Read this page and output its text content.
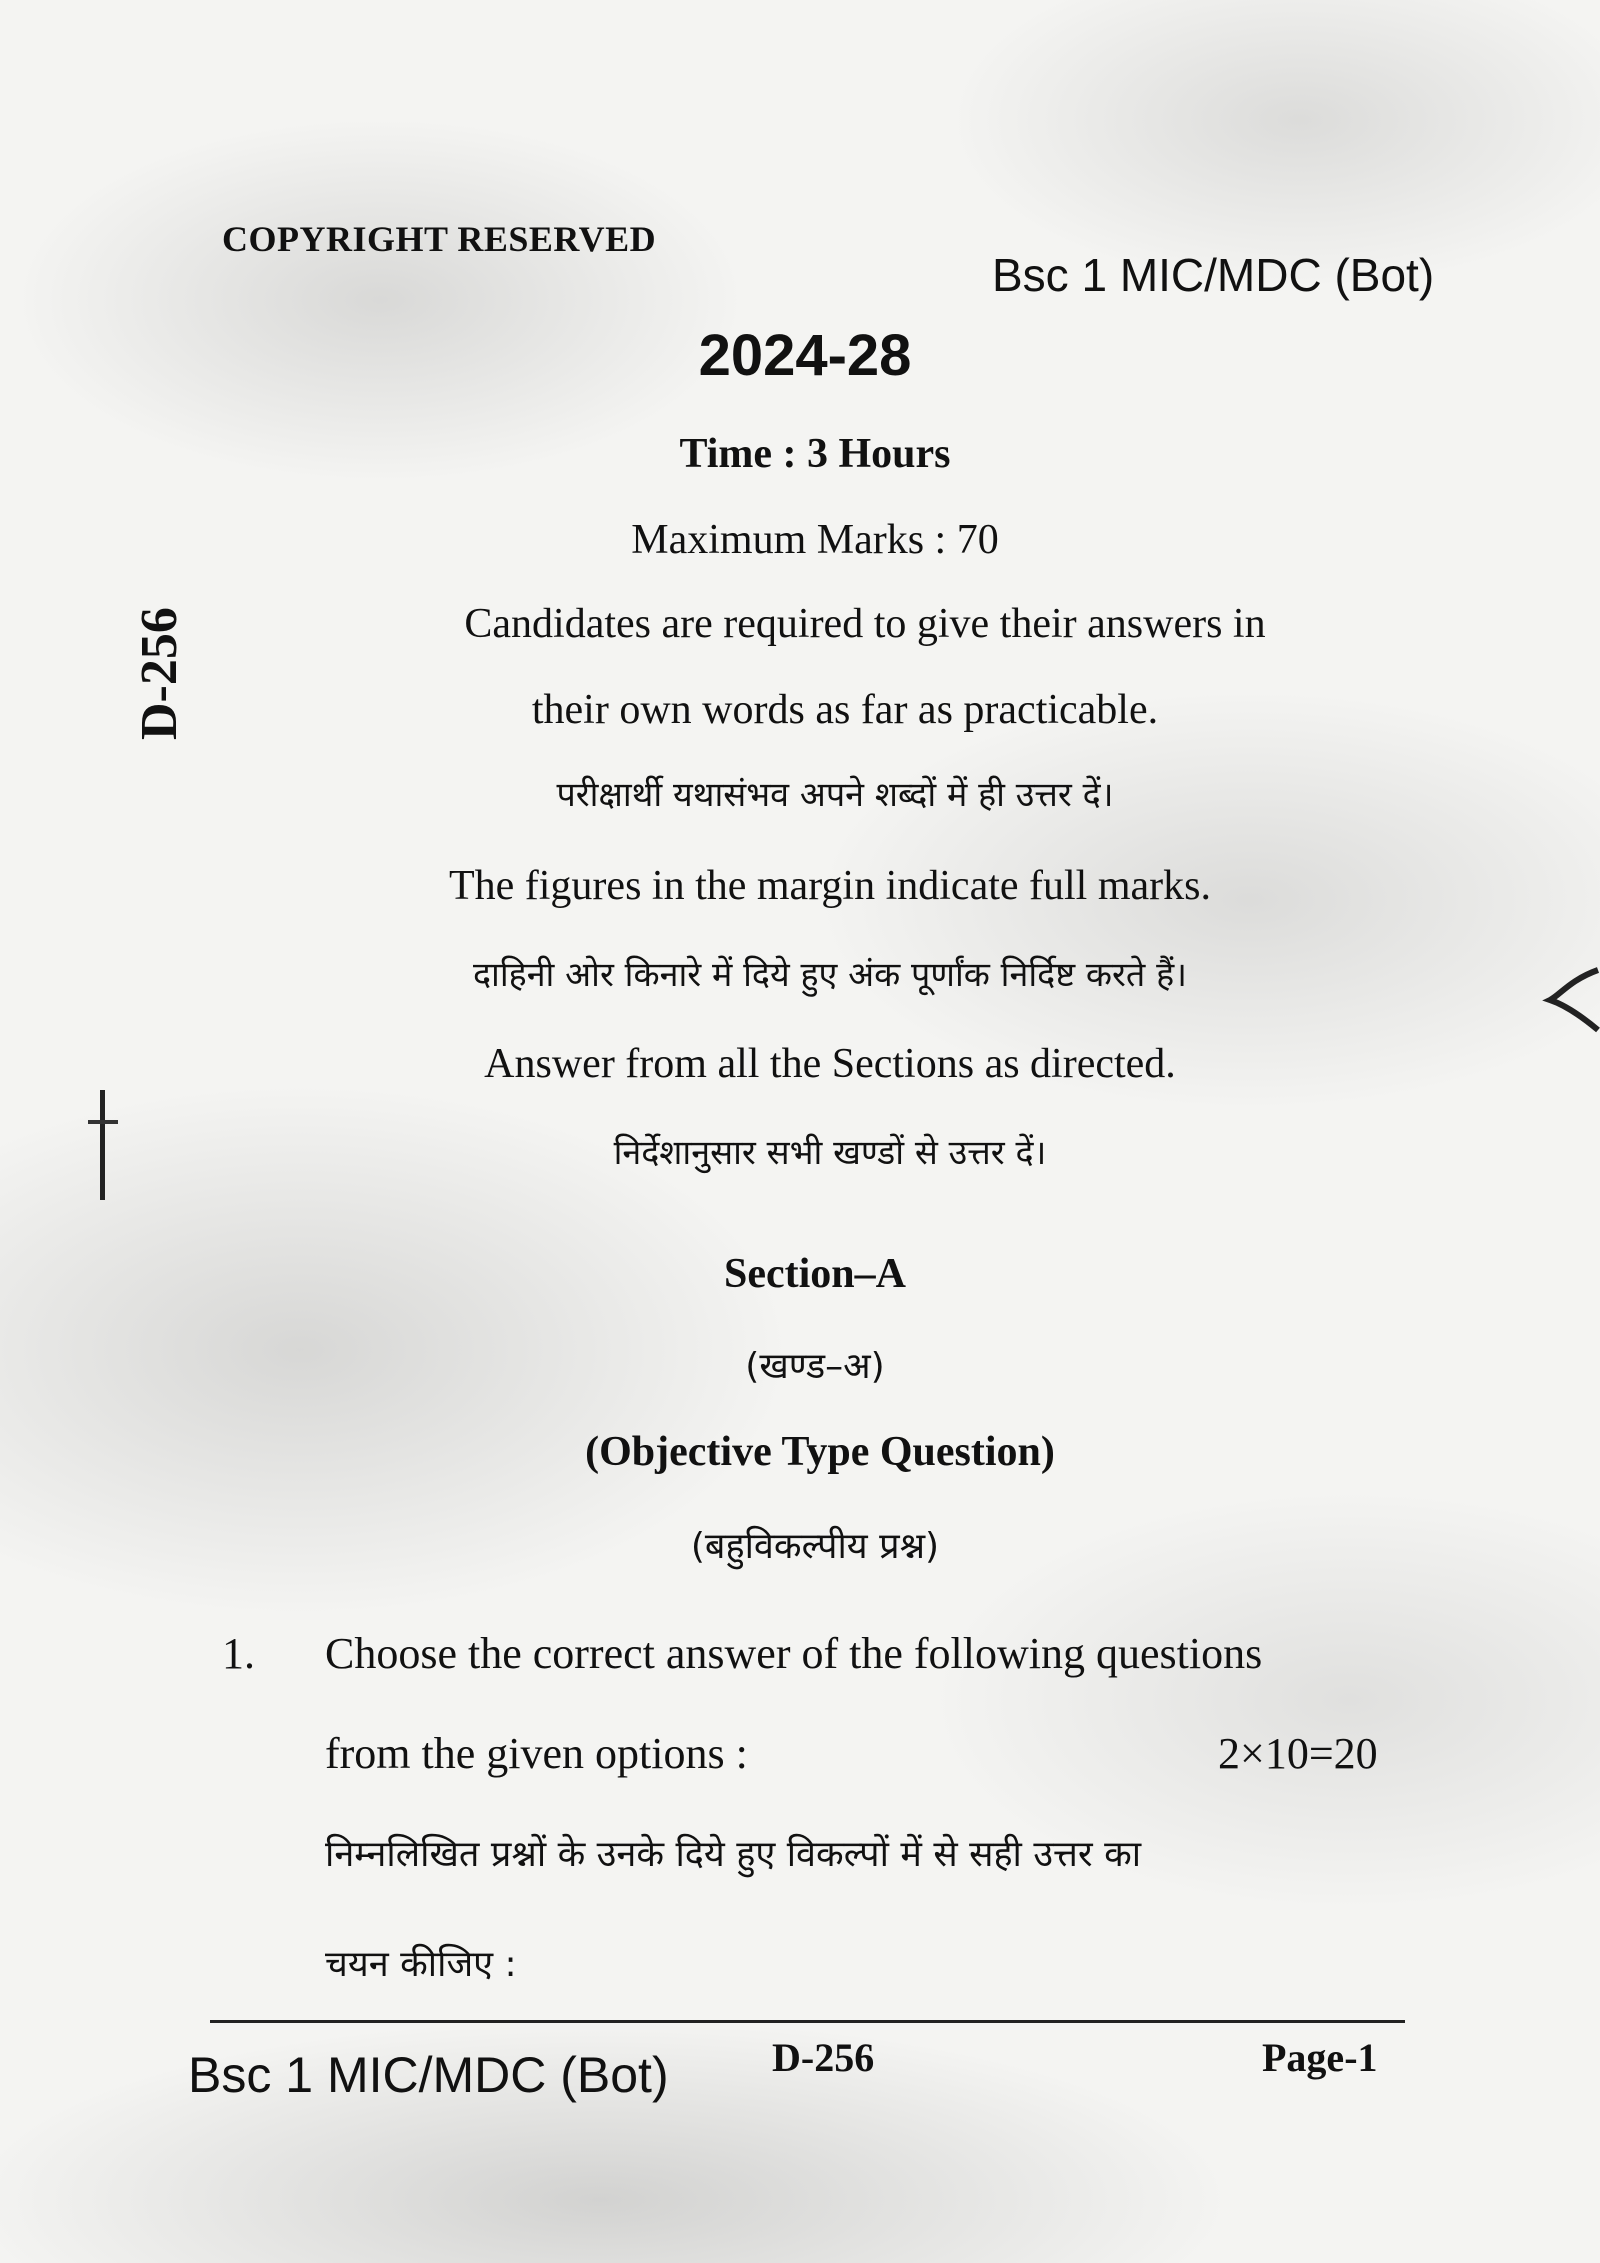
COPYRIGHT RESERVED
Bsc 1 MIC/MDC (Bot)
2024-28
Time : 3 Hours
Maximum Marks : 70
D-256	Candidates are required to give their answers in
their own words as far as practicable.
परीक्षार्थी यथासंभव अपने शब्दों में ही उत्तर दें।
The figures in the margin indicate full marks.
दाहिनी ओर किनारे में दिये हुए अंक पूर्णांक निर्दिष्ट करते हैं।
Answer from all the Sections as directed.
निर्देशानुसार सभी खण्डों से उत्तर दें।
Section–A
(खण्ड–अ)
(Objective Type Question)
(बहुविकल्पीय प्रश्न)
1. Choose the correct answer of the following questions
from the given options :	2×10=20
निम्नलिखित प्रश्नों के उनके दिये हुए विकल्पों में से सही उत्तर का
चयन कीजिए :
Bsc 1 MIC/MDC (Bot)	D-256	Page-1
